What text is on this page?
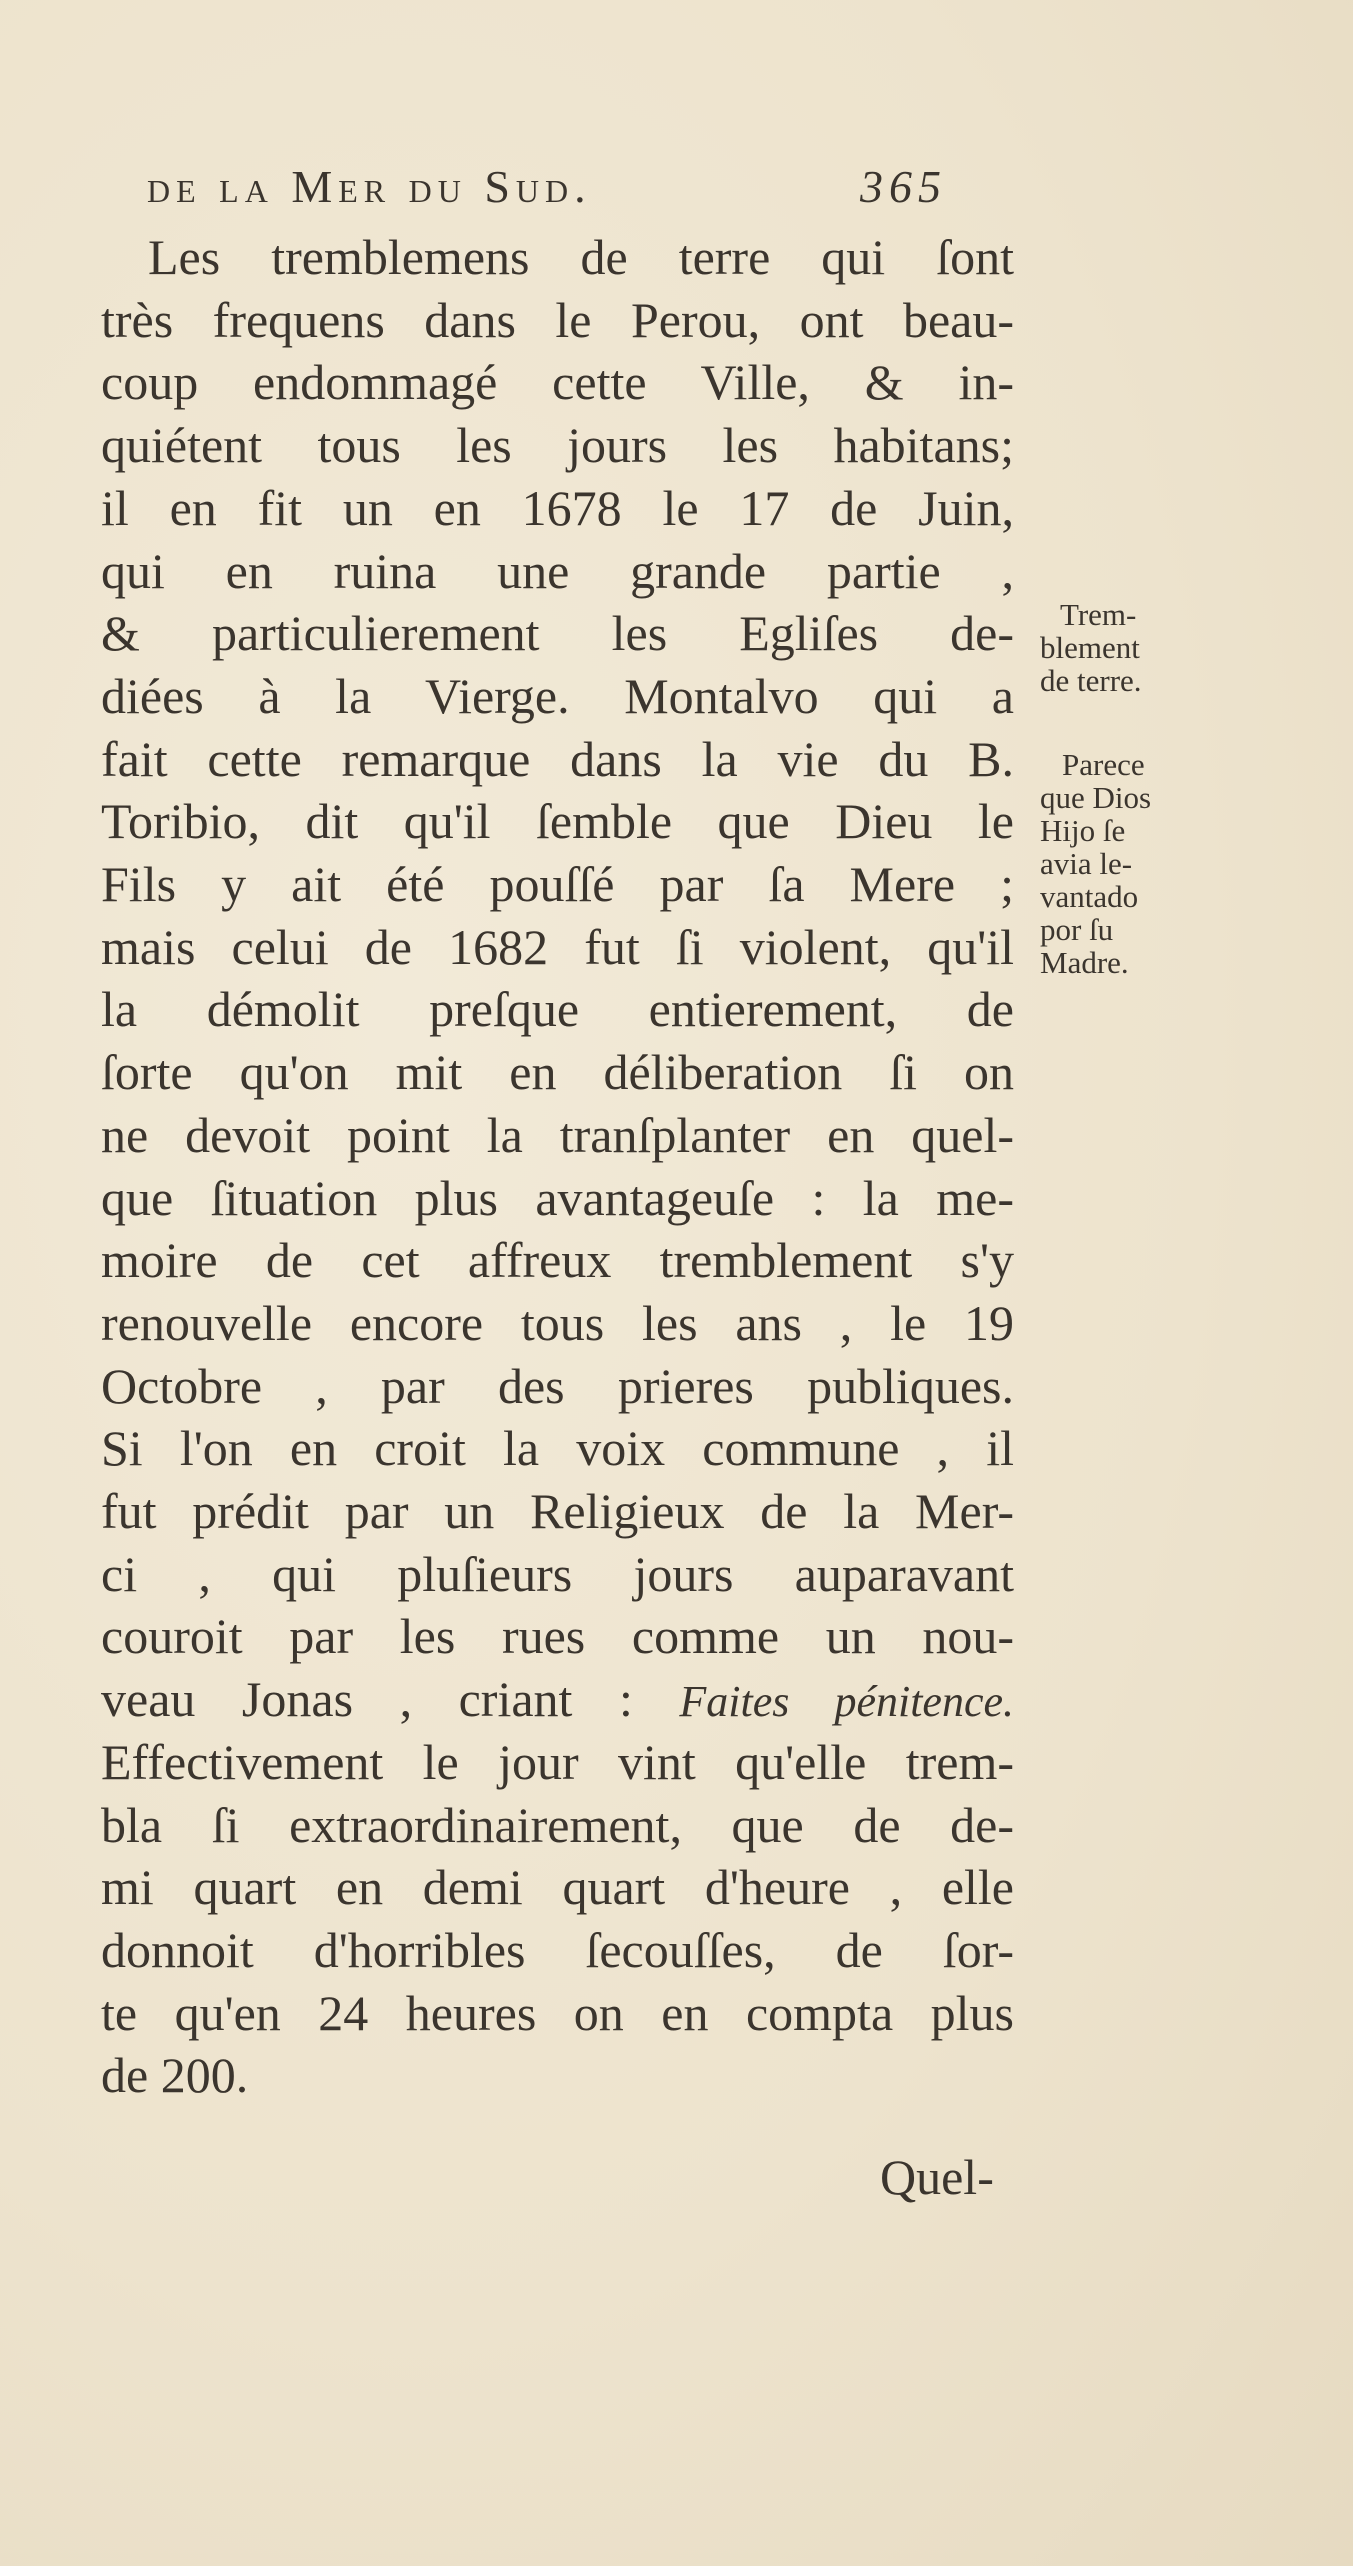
de la Mer du Sud.	365
Les tremblemens de terre qui ſont
très frequens dans le Perou, ont beau-
coup endommagé cette Ville, & in-
quiétent tous les jours les habitans;
il en fit un en 1678 le 17 de Juin,
qui en ruina une grande partie ,
& particulierement les Egliſes de-
diées à la Vierge. Montalvo qui a
fait cette remarque dans la vie du B.
Toribio, dit qu'il ſemble que Dieu le
Fils y ait été pouſſé par ſa Mere ;
mais celui de 1682 fut ſi violent, qu'il
la démolit preſque entierement, de
ſorte qu'on mit en déliberation ſi on
ne devoit point la tranſplanter en quel-
que ſituation plus avantageuſe : la me-
moire de cet affreux tremblement s'y
renouvelle encore tous les ans , le 19
Octobre , par des prieres publiques.
Si l'on en croit la voix commune , il
fut prédit par un Religieux de la Mer-
ci , qui pluſieurs jours auparavant
couroit par les rues comme un nou-
veau Jonas , criant : Faites pénitence.
Effectivement le jour vint qu'elle trem-
bla ſi extraordinairement, que de de-
mi quart en demi quart d'heure , elle
donnoit d'horribles ſecouſſes, de ſor-
te qu'en 24 heures on en compta plus
de 200.
Trem-
blement
de terre.
Parece
que Dios
Hijo ſe
avia le-
vantado
por ſu
Madre.
Quel-
